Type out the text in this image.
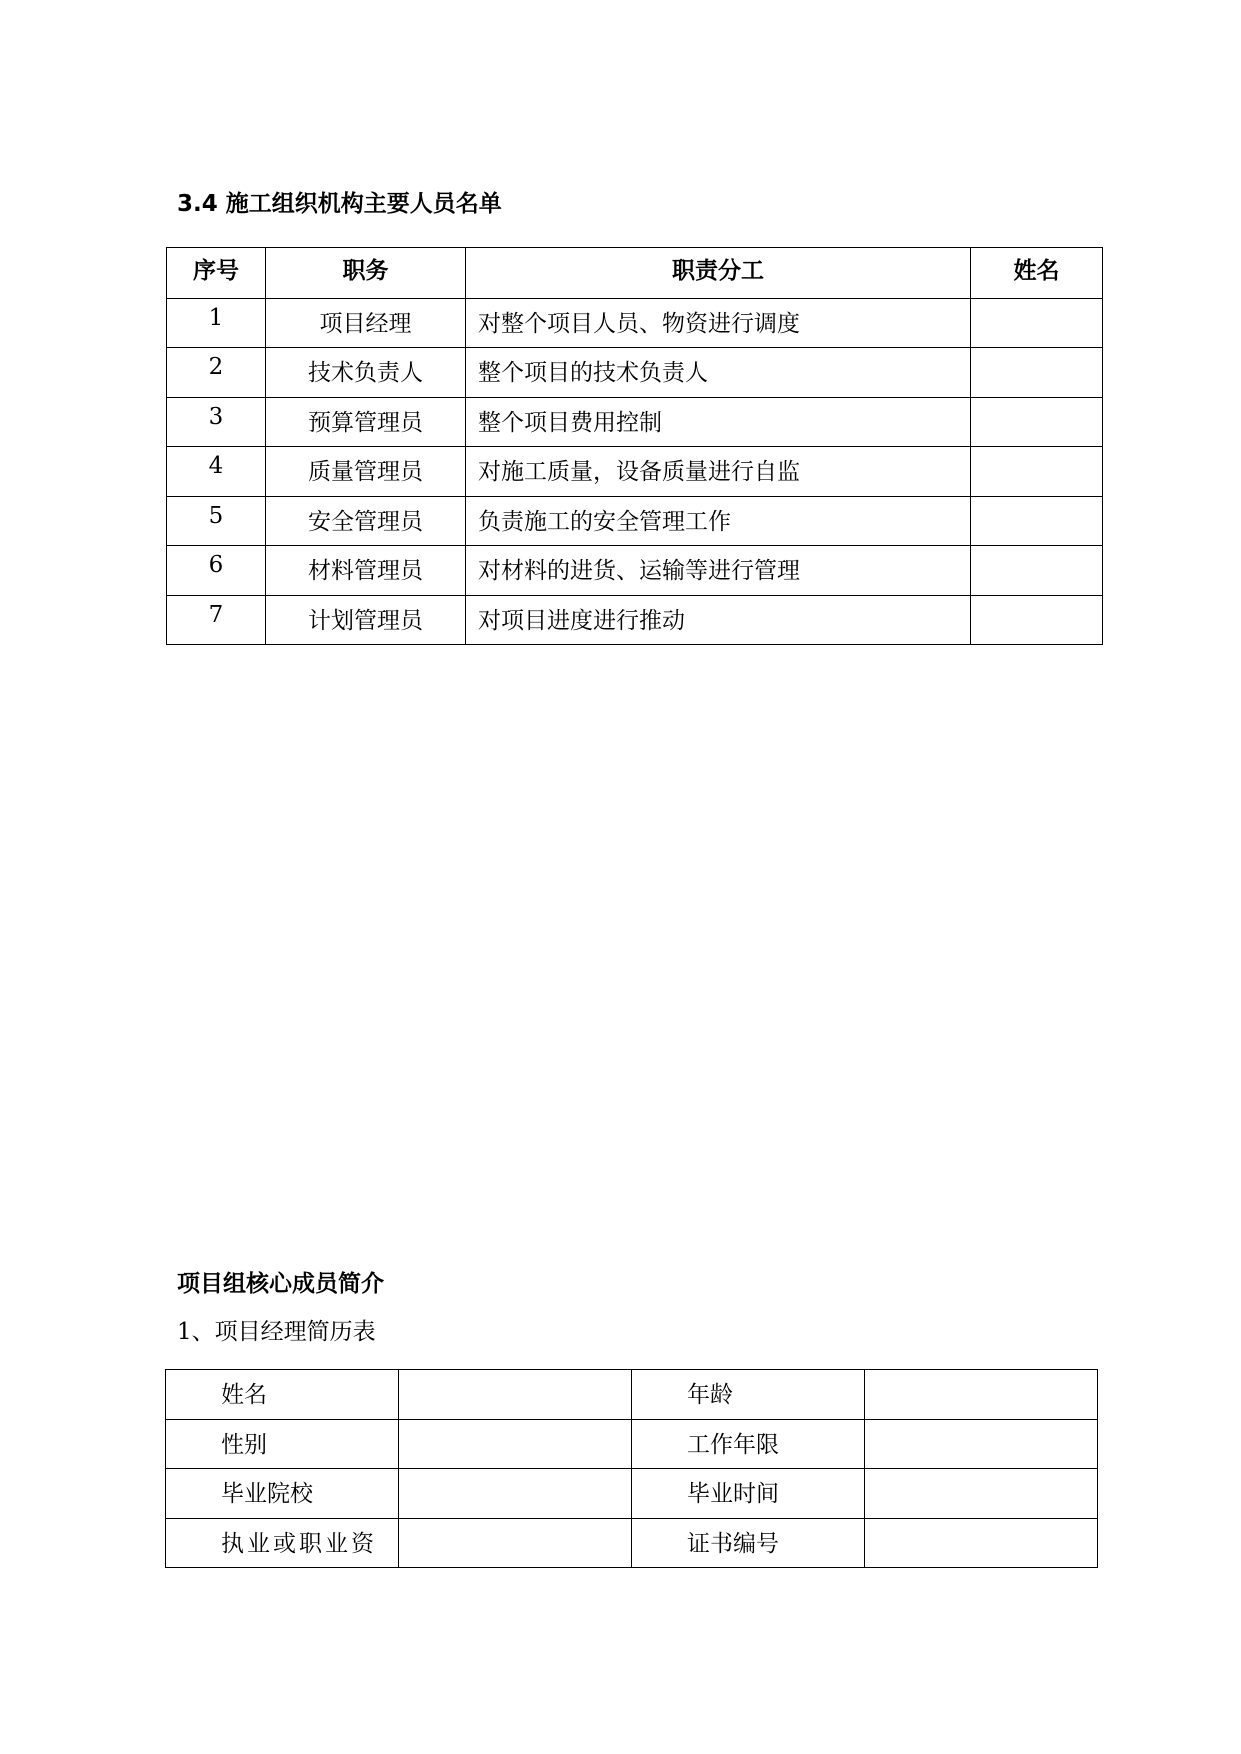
3.4 施工组织机构主要人员名单
序号	职务	职责分工	姓名
1	项目经理	对整个项目人员、物资进行调度	
2	技术负责人	整个项目的技术负责人	
3	预算管理员	整个项目费用控制	
4	质量管理员	对施工质量，设备质量进行自监	
5	安全管理员	负责施工的安全管理工作	
6	材料管理员	对材料的进货、运输等进行管理	
7	计划管理员	对项目进度进行推动	
项目组核心成员简介
1、项目经理简历表
姓名		年龄	
性别		工作年限	
毕业院校		毕业时间	
执业或职业资		证书编号	
